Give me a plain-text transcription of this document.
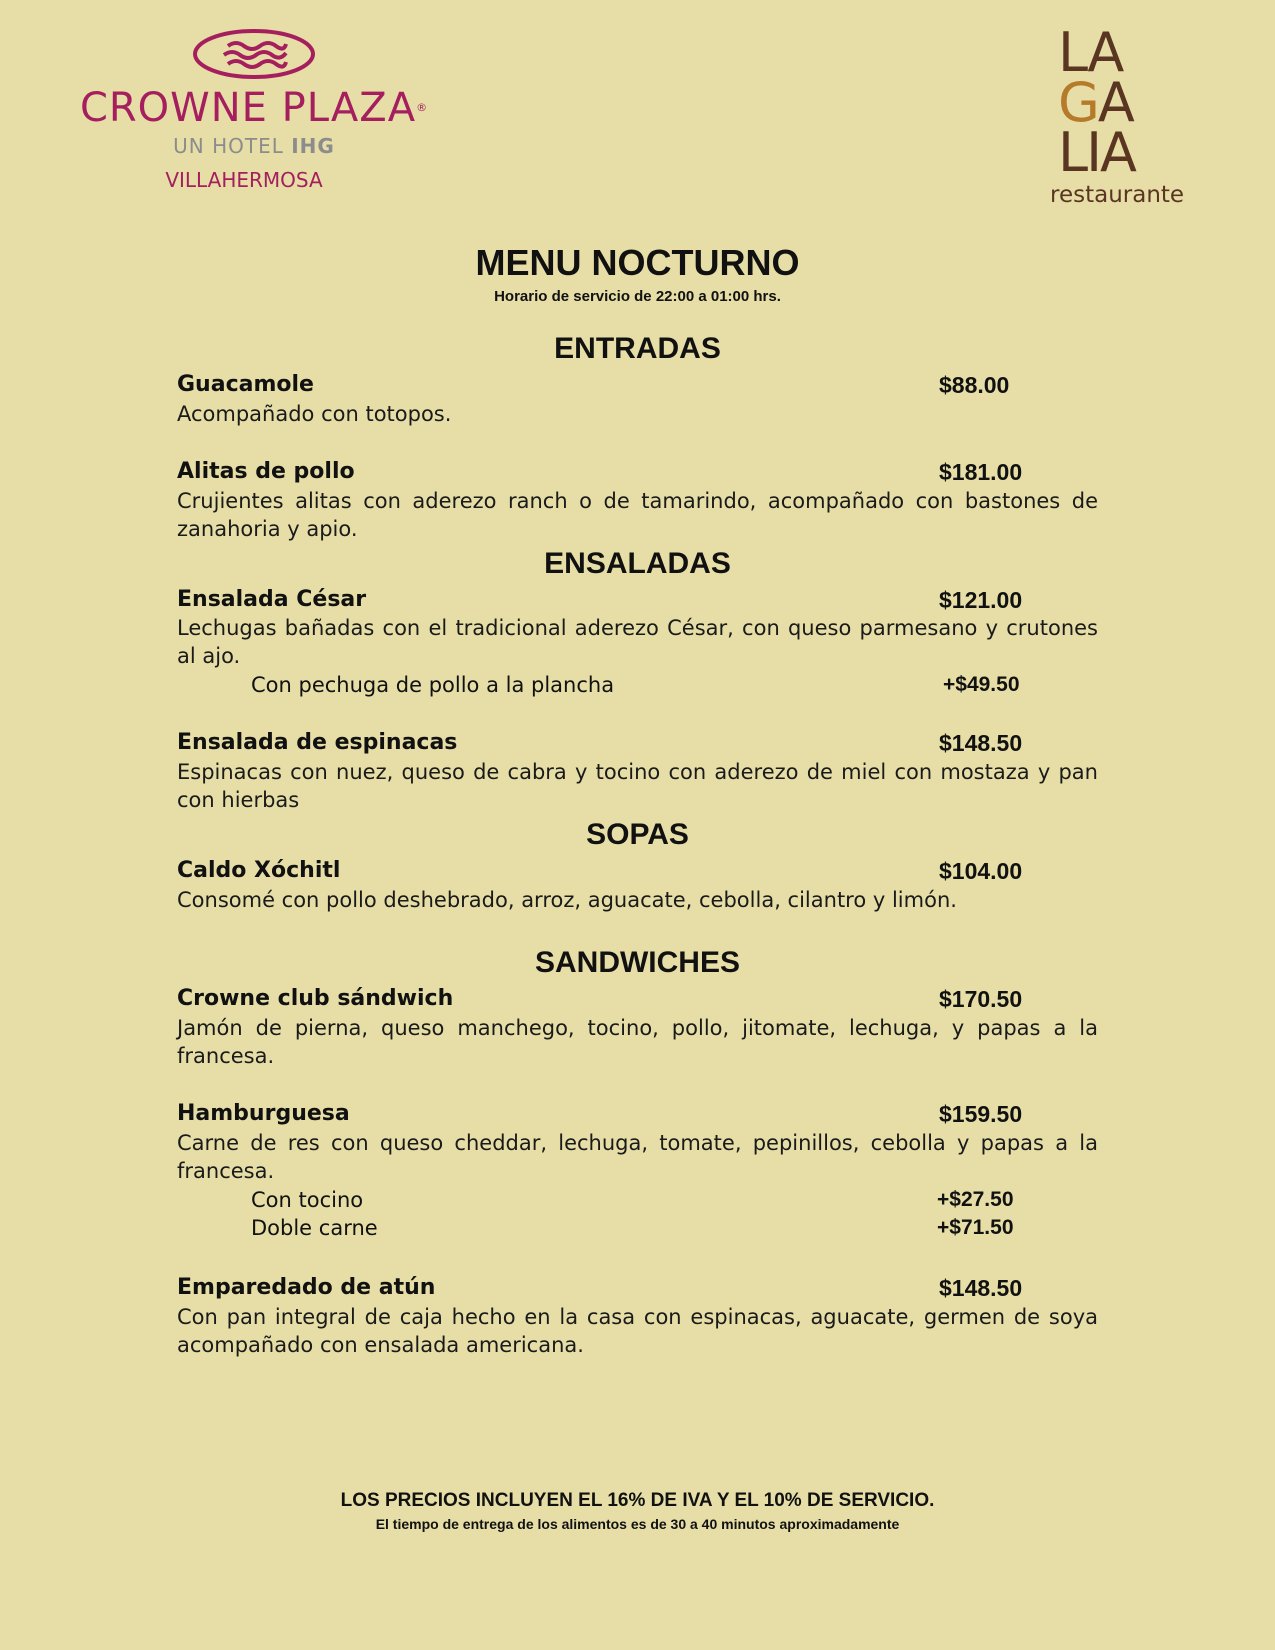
CROWNE PLAZA®
UN HOTEL IHG
VILLAHERMOSA
LA
GA
LIA
restaurante
MENU NOCTURNO
Horario de servicio de 22:00 a 01:00 hrs.
ENTRADAS
Guacamole	$88.00
Acompañado con totopos.
Alitas de pollo	$181.00
Crujientes alitas con aderezo ranch o de tamarindo, acompañado con bastones de zanahoria y apio.
ENSALADAS
Ensalada César	$121.00
Lechugas bañadas con el tradicional aderezo César, con queso parmesano y crutones al ajo.
Con pechuga de pollo a la plancha	+$49.50
Ensalada de espinacas	$148.50
Espinacas con nuez, queso de cabra y tocino con aderezo de miel con mostaza y pan con hierbas
SOPAS
Caldo Xóchitl	$104.00
Consomé con pollo deshebrado, arroz, aguacate, cebolla, cilantro y limón.
SANDWICHES
Crowne club sándwich	$170.50
Jamón de pierna, queso manchego, tocino, pollo, jitomate, lechuga, y papas a la francesa.
Hamburguesa	$159.50
Carne de res con queso cheddar, lechuga, tomate, pepinillos, cebolla y papas a la francesa.
Con tocino	+$27.50
Doble carne	+$71.50
Emparedado de atún	$148.50
Con pan integral de caja hecho en la casa con espinacas, aguacate, germen de soya acompañado con ensalada americana.
LOS PRECIOS INCLUYEN EL 16% DE IVA Y EL 10% DE SERVICIO.
El tiempo de entrega de los alimentos es de 30 a 40 minutos aproximadamente
